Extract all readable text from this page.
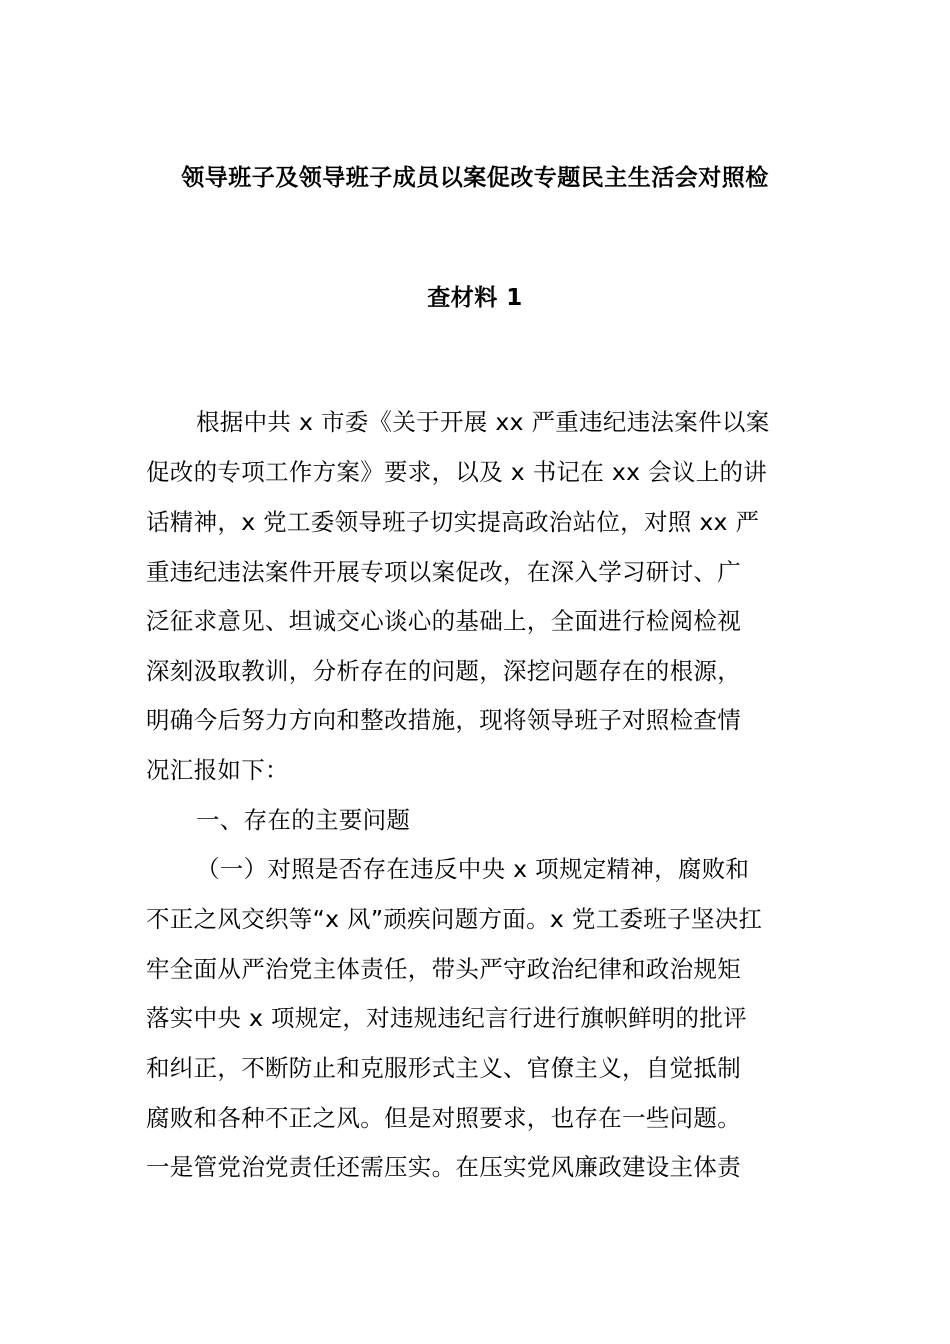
领导班子及领导班子成员以案促改专题民主生活会对照检
查材料 1
根据中共 x 市委《关于开展 xx 严重违纪违法案件以案
促改的专项工作方案》要求，以及 x 书记在 xx 会议上的讲
话精神，x 党工委领导班子切实提高政治站位，对照 xx 严
重违纪违法案件开展专项以案促改，在深入学习研讨、广
泛征求意见、坦诚交心谈心的基础上，全面进行检阅检视
深刻汲取教训，分析存在的问题，深挖问题存在的根源，
明确今后努力方向和整改措施，现将领导班子对照检查情
况汇报如下：
一、存在的主要问题
（一）对照是否存在违反中央 x 项规定精神，腐败和
不正之风交织等“x 风”顽疾问题方面。x 党工委班子坚决扛
牢全面从严治党主体责任，带头严守政治纪律和政治规矩
落实中央 x 项规定，对违规违纪言行进行旗帜鲜明的批评
和纠正，不断防止和克服形式主义、官僚主义，自觉抵制
腐败和各种不正之风。但是对照要求，也存在一些问题。
一是管党治党责任还需压实。在压实党风廉政建设主体责
